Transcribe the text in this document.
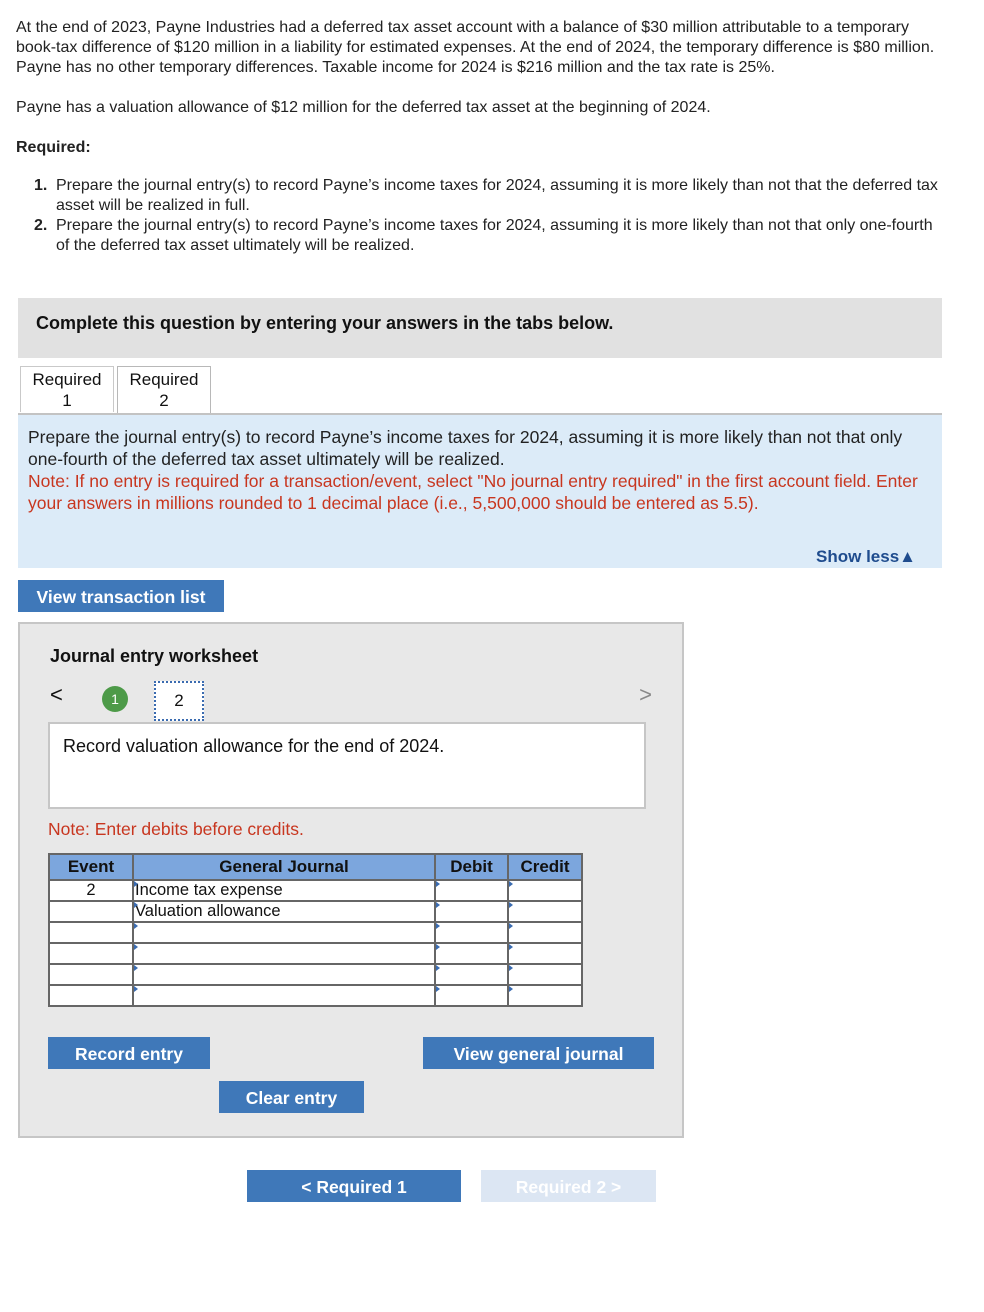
At the end of 2023, Payne Industries had a deferred tax asset account with a balance of $30 million attributable to a temporary book-tax difference of $120 million in a liability for estimated expenses. At the end of 2024, the temporary difference is $80 million. Payne has no other temporary differences. Taxable income for 2024 is $216 million and the tax rate is 25%.

Payne has a valuation allowance of $12 million for the deferred tax asset at the beginning of 2024.

Required:

1. Prepare the journal entry(s) to record Payne’s income taxes for 2024, assuming it is more likely than not that the deferred tax asset will be realized in full.
2. Prepare the journal entry(s) to record Payne’s income taxes for 2024, assuming it is more likely than not that only one-fourth of the deferred tax asset ultimately will be realized.
Complete this question by entering your answers in the tabs below.
Required
1
Required
2
Prepare the journal entry(s) to record Payne’s income taxes for 2024, assuming it is more likely than not that only one-fourth of the deferred tax asset ultimately will be realized.
Note: If no entry is required for a transaction/event, select "No journal entry required" in the first account field. Enter your answers in millions rounded to 1 decimal place (i.e., 5,500,000 should be entered as 5.5).
Show less▲
View transaction list
Journal entry worksheet
<	1	2	>
Record valuation allowance for the end of 2024.
Note: Enter debits before credits.
Event	General Journal	Debit	Credit
2	Income tax expense		
	Valuation allowance		

Record entry	View general journal
Clear entry
< Required 1	Required 2 >
